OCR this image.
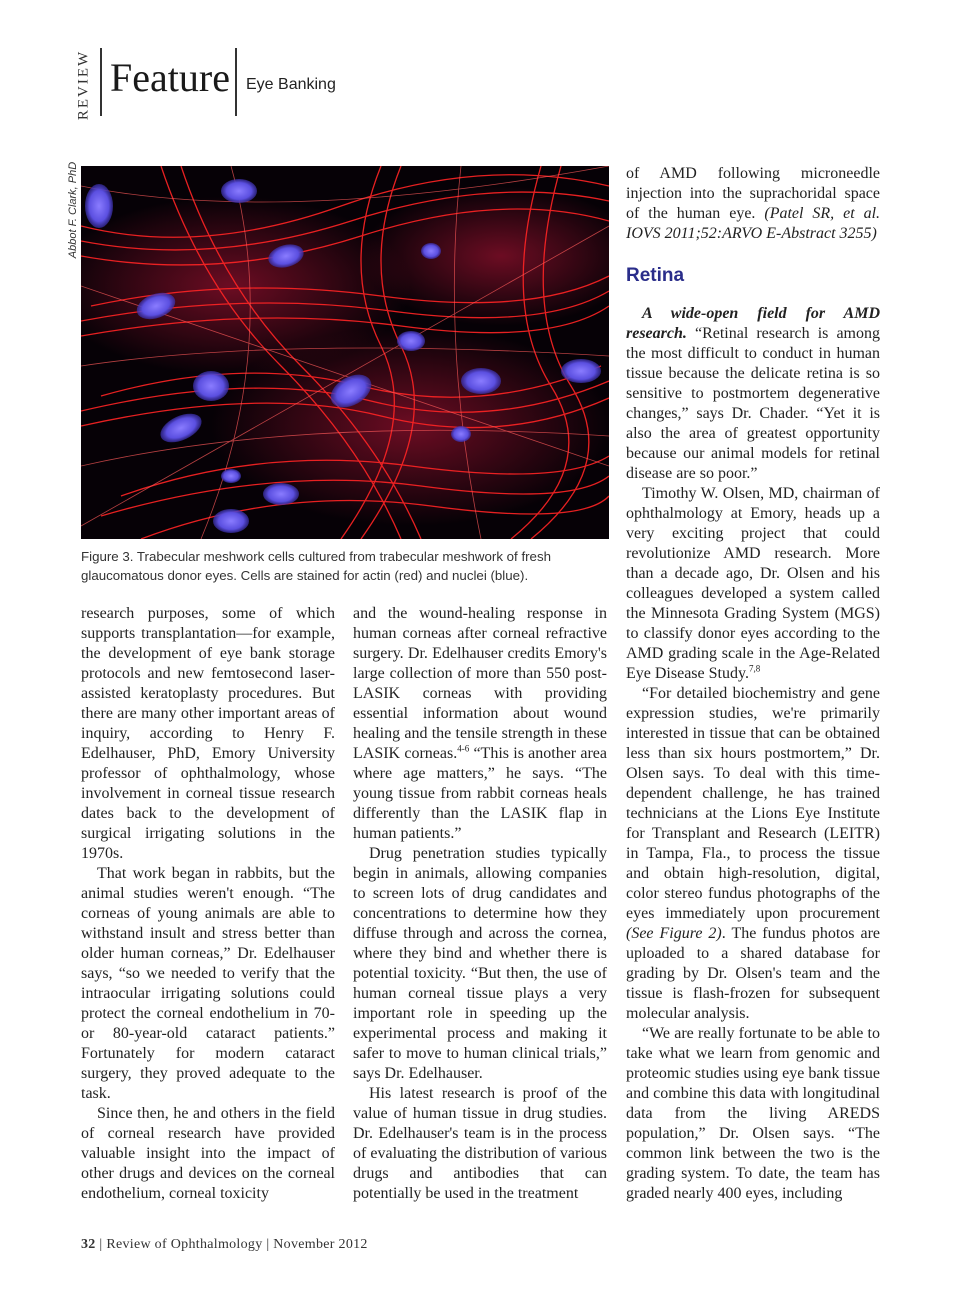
REVIEW Feature Eye Banking
Abbot F. Clark, PhD
Figure 3. Trabecular meshwork cells cultured from trabecular meshwork of fresh
glaucomatous donor eyes. Cells are stained for actin (red) and nuclei (blue).

research purposes, some of which supports transplantation—for example, the development of eye bank storage protocols and new femtosecond laser-assisted keratoplasty procedures. But there are many other important areas of inquiry, according to Henry F. Edelhauser, PhD, Emory University professor of ophthalmology, whose involvement in corneal tissue research dates back to the development of surgical irrigating solutions in the 1970s.

That work began in rabbits, but the animal studies weren't enough. “The corneas of young animals are able to withstand insult and stress better than older human corneas,” Dr. Edelhauser says, “so we needed to verify that the intraocular irrigating solutions could protect the corneal endothelium in 70- or 80-year-old cataract patients.” Fortunately for modern cataract surgery, they proved adequate to the task.

Since then, he and others in the field of corneal research have provided valuable insight into the impact of other drugs and devices on the corneal endothelium, corneal toxicity

and the wound-healing response in human corneas after corneal refractive surgery. Dr. Edelhauser credits Emory's large collection of more than 550 post-LASIK corneas with providing essential information about wound healing and the tensile strength in these LASIK corneas.$^{4-6}$ “This is another area where age matters,” he says. “The young tissue from rabbit corneas heals differently than the LASIK flap in human patients.”

Drug penetration studies typically begin in animals, allowing companies to screen lots of drug candidates and concentrations to determine how they diffuse through and across the cornea, where they bind and whether there is potential toxicity. “But then, the use of human corneal tissue plays a very important role in speeding up the experimental process and making it safer to move to human clinical trials,” says Dr. Edelhauser.

His latest research is proof of the value of human tissue in drug studies. Dr. Edelhauser's team is in the process of evaluating the distribution of various drugs and antibodies that can potentially be used in the treatment

of AMD following microneedle injection into the suprachoridal space of the human eye. (Patel SR, et al. IOVS 2011;52:ARVO E-Abstract 3255)

Retina

A wide-open field for AMD research. “Retinal research is among the most difficult to conduct in human tissue because the delicate retina is so sensitive to postmortem degenerative changes,” says Dr. Chader. “Yet it is also the area of greatest opportunity because our animal models for retinal disease are so poor.”

Timothy W. Olsen, MD, chairman of ophthalmology at Emory, heads up a very exciting project that could revolutionize AMD research. More than a decade ago, Dr. Olsen and his colleagues developed a system called the Minnesota Grading System (MGS) to classify donor eyes according to the AMD grading scale in the Age-Related Eye Disease Study.$^{7,8}$

“For detailed biochemistry and gene expression studies, we're primarily interested in tissue that can be obtained less than six hours postmortem,” Dr. Olsen says. To deal with this time-dependent challenge, he has trained technicians at the Lions Eye Institute for Transplant and Research (LEITR) in Tampa, Fla., to process the tissue and obtain high-resolution, digital, color stereo fundus photographs of the eyes immediately upon procurement (See Figure 2). The fundus photos are uploaded to a shared database for grading by Dr. Olsen's team and the tissue is flash-frozen for subsequent molecular analysis.

“We are really fortunate to be able to take what we learn from genomic and proteomic studies using eye bank tissue and combine this data with longitudinal data from the living AREDS population,” Dr. Olsen says. “The common link between the two is the grading system. To date, the team has graded nearly 400 eyes, including

32 | Review of Ophthalmology | November 2012
